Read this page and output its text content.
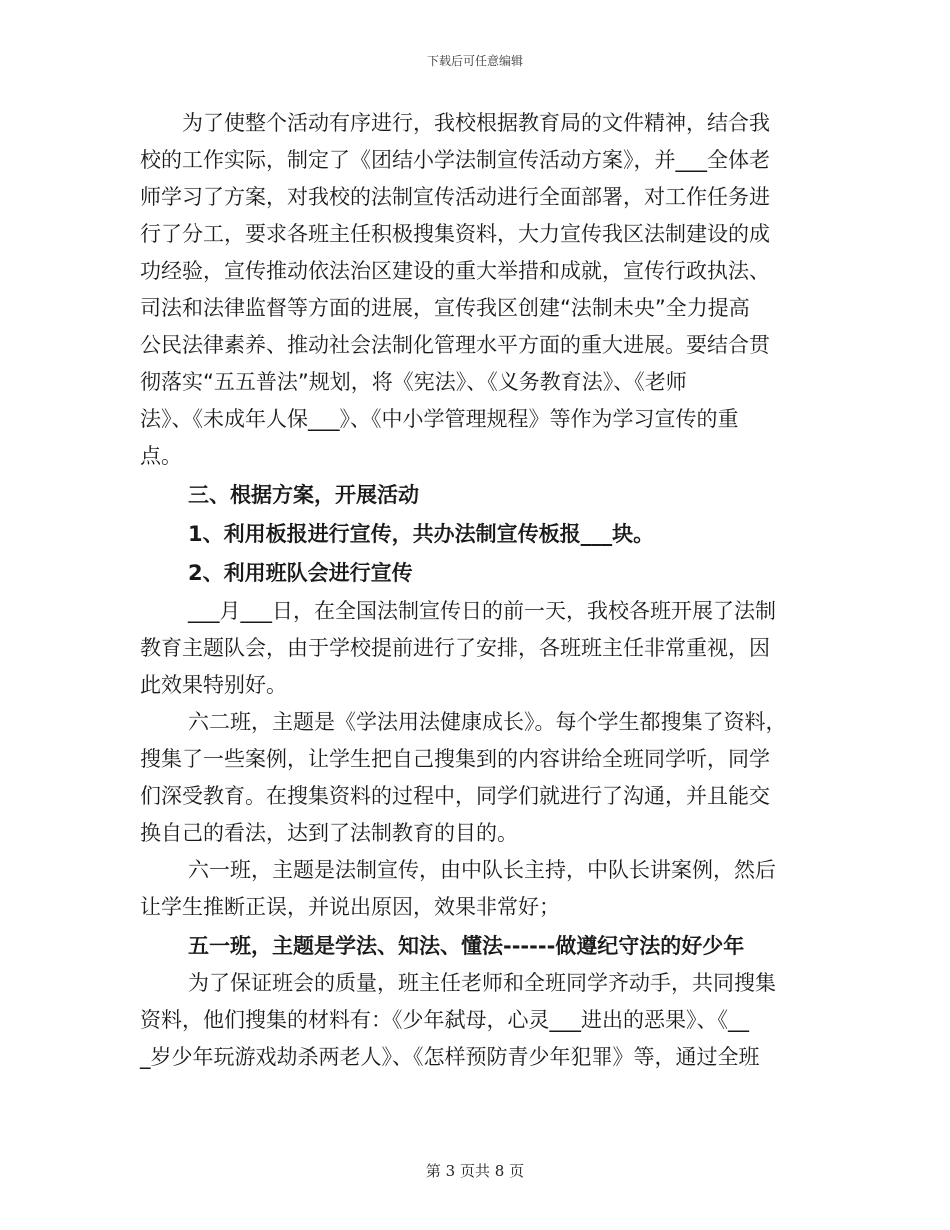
下载后可任意编辑
为了使整个活动有序进行，我校根据教育局的文件精神，结合我
校的工作实际，制定了《团结小学法制宣传活动方案》，并___全体老
师学习了方案，对我校的法制宣传活动进行全面部署，对工作任务进
行了分工，要求各班主任积极搜集资料，大力宣传我区法制建设的成
功经验，宣传推动依法治区建设的重大举措和成就，宣传行政执法、
司法和法律监督等方面的进展，宣传我区创建“法制未央”全力提高
公民法律素养、推动社会法制化管理水平方面的重大进展。要结合贯
彻落实“五五普法”规划，将《宪法》、《义务教育法》、《老师
法》、《未成年人保___》、《中小学管理规程》等作为学习宣传的重
点。
三、根据方案，开展活动
1、利用板报进行宣传，共办法制宣传板报___块。
2、利用班队会进行宣传
___月___日，在全国法制宣传日的前一天，我校各班开展了法制
教育主题队会，由于学校提前进行了安排，各班班主任非常重视，因
此效果特别好。
六二班，主题是《学法用法健康成长》。每个学生都搜集了资料，
搜集了一些案例，让学生把自己搜集到的内容讲给全班同学听，同学
们深受教育。在搜集资料的过程中，同学们就进行了沟通，并且能交
换自己的看法，达到了法制教育的目的。
六一班，主题是法制宣传，由中队长主持，中队长讲案例，然后
让学生推断正误，并说出原因，效果非常好；
五一班，主题是学法、知法、懂法------做遵纪守法的好少年
为了保证班会的质量，班主任老师和全班同学齐动手，共同搜集
资料，他们搜集的材料有：《少年弑母，心灵___进出的恶果》、《__
_岁少年玩游戏劫杀两老人》、《怎样预防青少年犯罪》等，通过全班
第 3 页共 8 页
